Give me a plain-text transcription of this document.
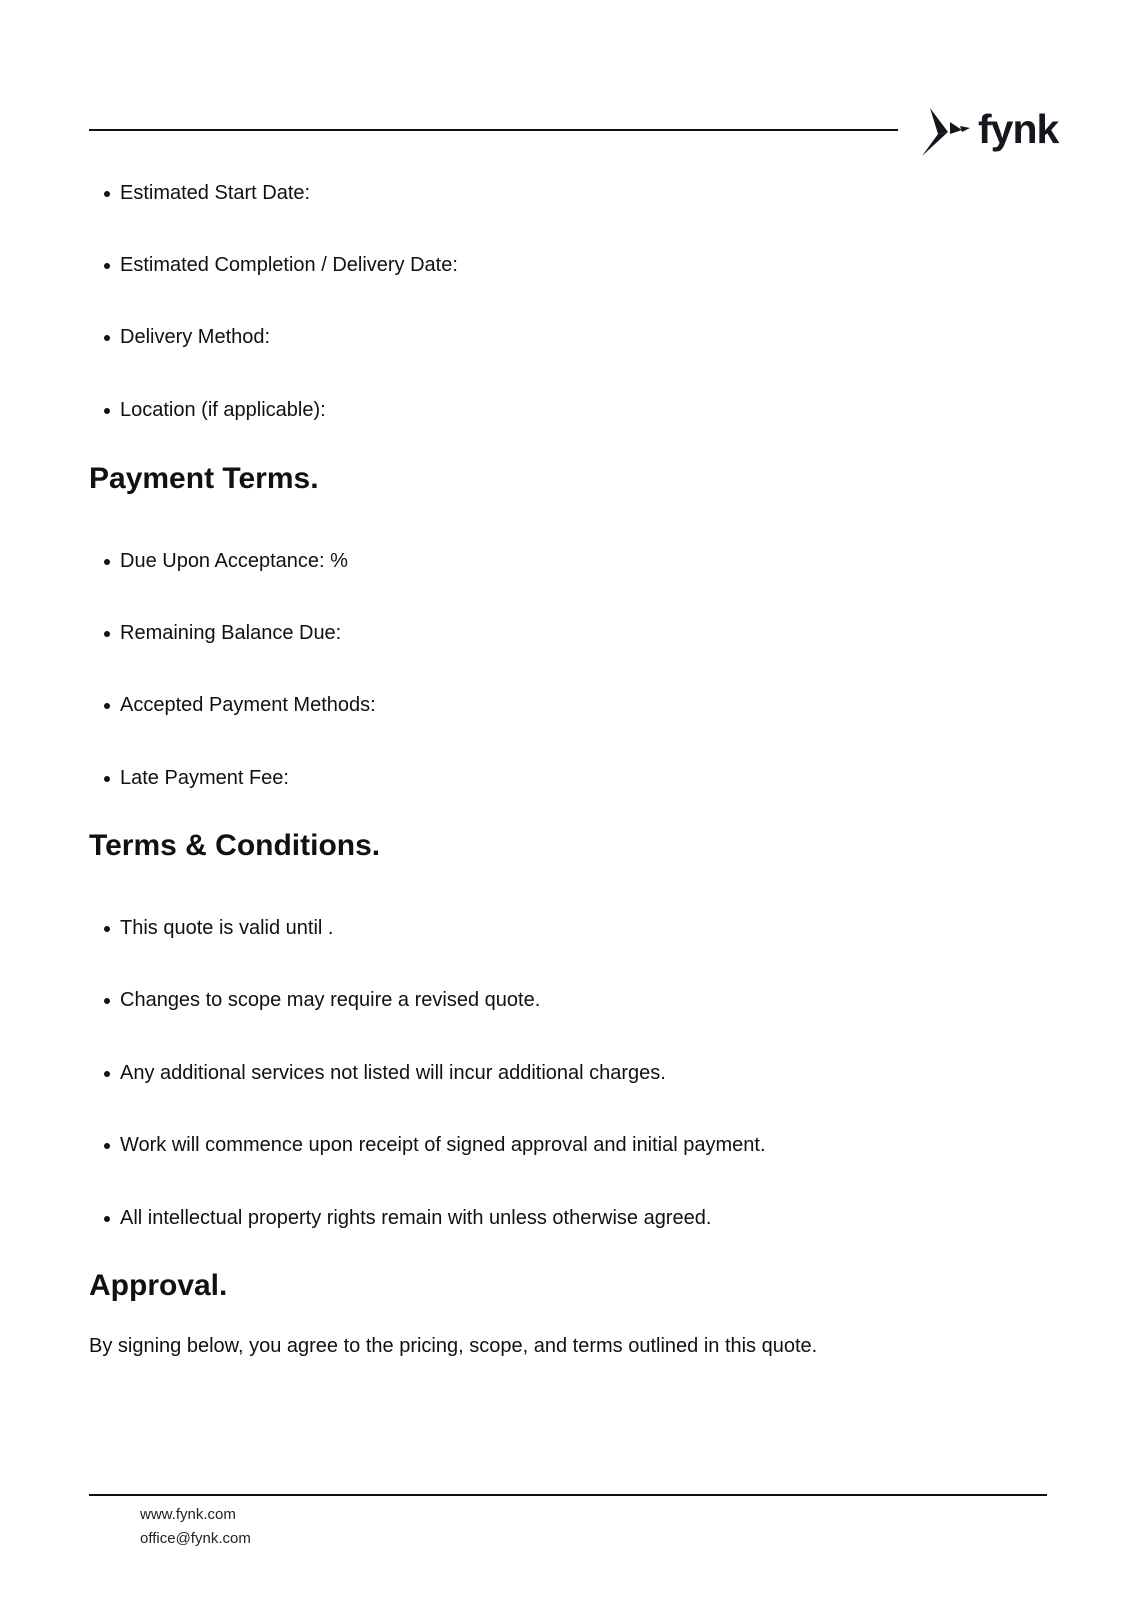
fynk
Estimated Start Date:
Estimated Completion / Delivery Date:
Delivery Method:
Location (if applicable):
Payment Terms.
Due Upon Acceptance: %
Remaining Balance Due:
Accepted Payment Methods:
Late Payment Fee:
Terms & Conditions.
This quote is valid until .
Changes to scope may require a revised quote.
Any additional services not listed will incur additional charges.
Work will commence upon receipt of signed approval and initial payment.
All intellectual property rights remain with unless otherwise agreed.
Approval.

By signing below, you agree to the pricing, scope, and terms outlined in this quote.

www.fynk.com
office@fynk.com
